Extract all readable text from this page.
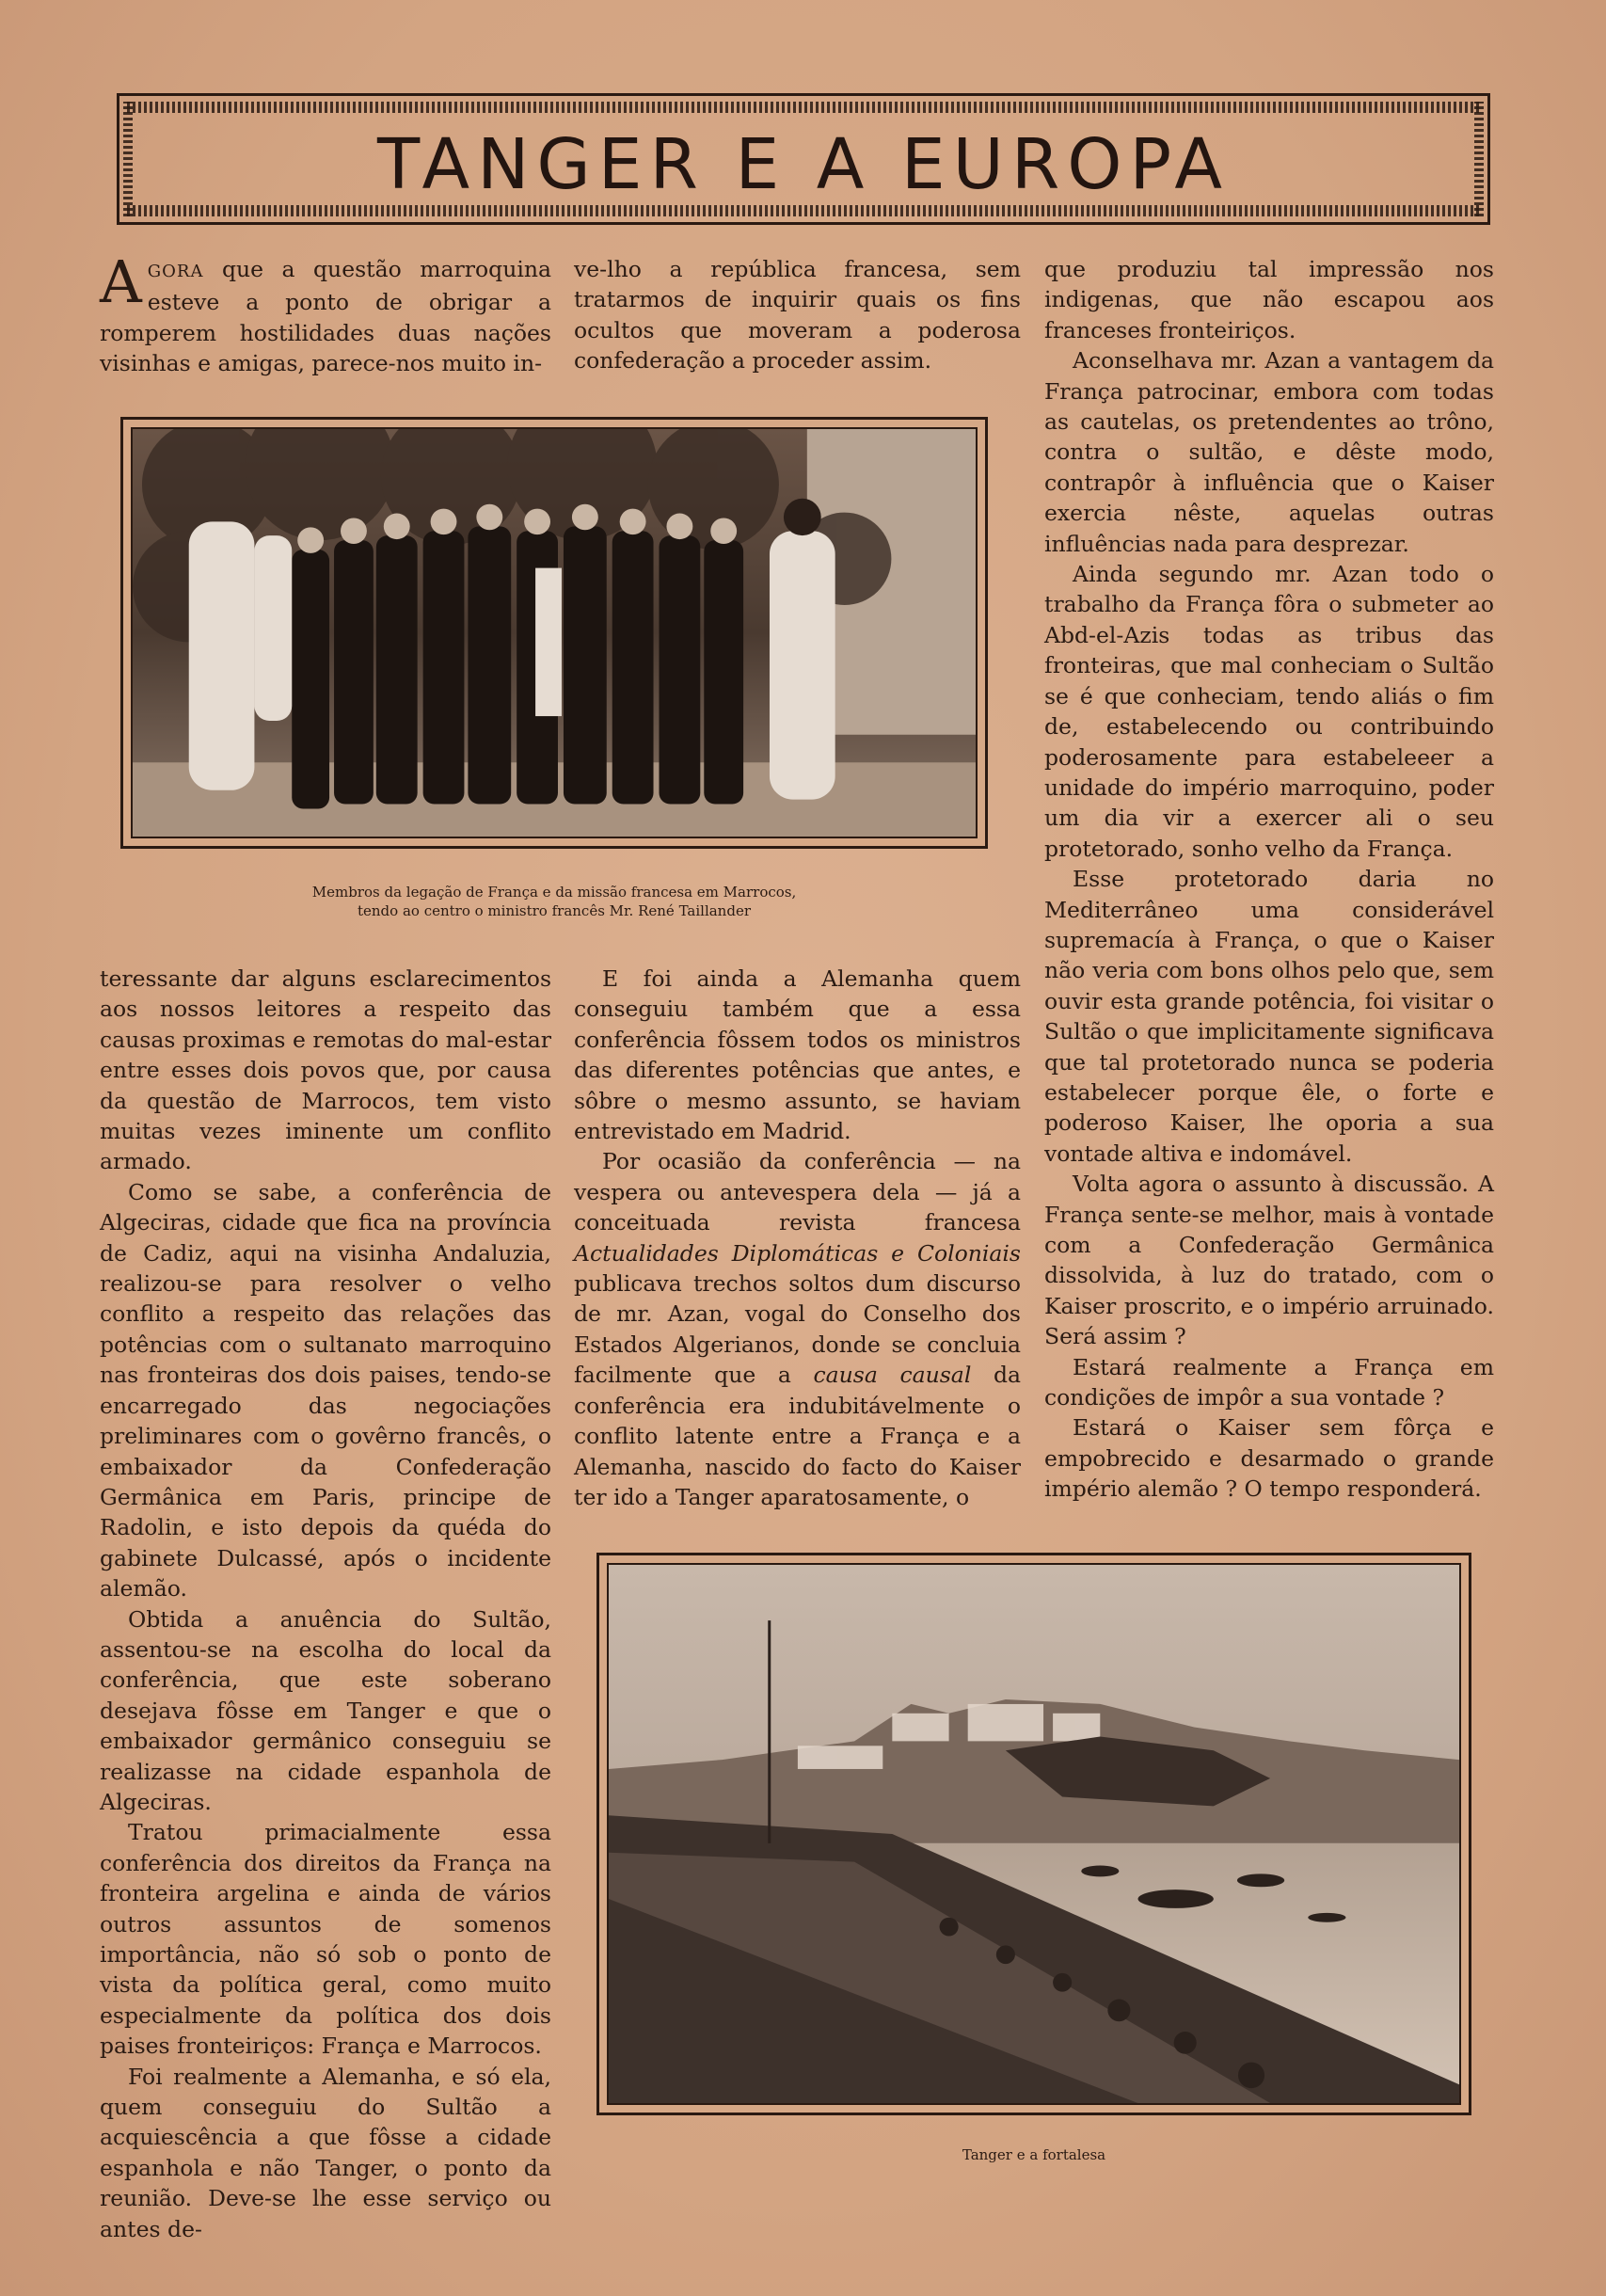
TANGER E A EUROPA

AGORA que a questão marroquina esteve a ponto de obrigar a romperem hostilidades duas nações visinhas e amigas, parece-nos muito in-

ve-lho a república francesa, sem tratarmos de inquirir quais os fins ocultos que moveram a poderosa confederação a proceder assim.

Membros da legação de França e da missão francesa em Marrocos,
tendo ao centro o ministro francês Mr. René Taillander

teressante dar alguns esclarecimentos aos nossos leitores a respeito das causas proximas e remotas do mal-estar entre esses dois povos que, por causa da questão de Marrocos, tem visto muitas vezes iminente um conflito armado.

Como se sabe, a conferência de Algeciras, cidade que fica na província de Cadiz, aqui na visinha Andaluzia, realizou-se para resolver o velho conflito a respeito das relações das potências com o sultanato marroquino nas fronteiras dos dois paises, tendo-se encarregado das negociações preliminares com o govêrno francês, o embaixador da Confederação Germânica em Paris, principe de Radolin, e isto depois da quéda do gabinete Dulcassé, após o incidente alemão.

Obtida a anuência do Sultão, assentou-se na escolha do local da conferência, que este soberano desejava fôsse em Tanger e que o embaixador germânico conseguiu se realizasse na cidade espanhola de Algeciras.

Tratou primacialmente essa conferência dos direitos da França na fronteira argelina e ainda de vários outros assuntos de somenos importância, não só sob o ponto de vista da política geral, como muito especialmente da política dos dois paises fronteiriços: França e Marrocos.

Foi realmente a Alemanha, e só ela, quem conseguiu do Sultão a acquiescência a que fôsse a cidade espanhola e não Tanger, o ponto da reunião. Deve-se lhe esse serviço ou antes de-

E foi ainda a Alemanha quem conseguiu também que a essa conferência fôssem todos os ministros das diferentes potências que antes, e sôbre o mesmo assunto, se haviam entrevistado em Madrid.

Por ocasião da conferência — na vespera ou antevespera dela — já a conceituada revista francesa Actualidades Diplomáticas e Coloniais publicava trechos soltos dum discurso de mr. Azan, vogal do Conselho dos Estados Algerianos, donde se concluia facilmente que a causa causal da conferência era indubitávelmente o conflito latente entre a França e a Alemanha, nascido do facto do Kaiser ter ido a Tanger aparatosamente, o

que produziu tal impressão nos indigenas, que não escapou aos franceses fronteiriços.

Aconselhava mr. Azan a vantagem da França patrocinar, embora com todas as cautelas, os pretendentes ao trôno, contra o sultão, e dêste modo, contrapôr à influência que o Kaiser exercia nêste, aquelas outras influências nada para desprezar.

Ainda segundo mr. Azan todo o trabalho da França fôra o submeter ao Abd-el-Azis todas as tribus das fronteiras, que mal conheciam o Sultão se é que conheciam, tendo aliás o fim de, estabelecendo ou contribuindo poderosamente para estabeleeer a unidade do império marroquino, poder um dia vir a exercer ali o seu protetorado, sonho velho da França.

Esse protetorado daria no Mediterrâneo uma considerável supremacía à França, o que o Kaiser não veria com bons olhos pelo que, sem ouvir esta grande potência, foi visitar o Sultão o que implicitamente significava que tal protetorado nunca se poderia estabelecer porque êle, o forte e poderoso Kaiser, lhe oporia a sua vontade altiva e indomável.

Volta agora o assunto à discussão. A França sente-se melhor, mais à vontade com a Confederação Germânica dissolvida, à luz do tratado, com o Kaiser proscrito, e o império arruinado. Será assim ?

Estará realmente a França em condições de impôr a sua vontade ?

Estará o Kaiser sem fôrça e empobrecido e desarmado o grande império alemão ? O tempo responderá.

Tanger e a fortalesa
